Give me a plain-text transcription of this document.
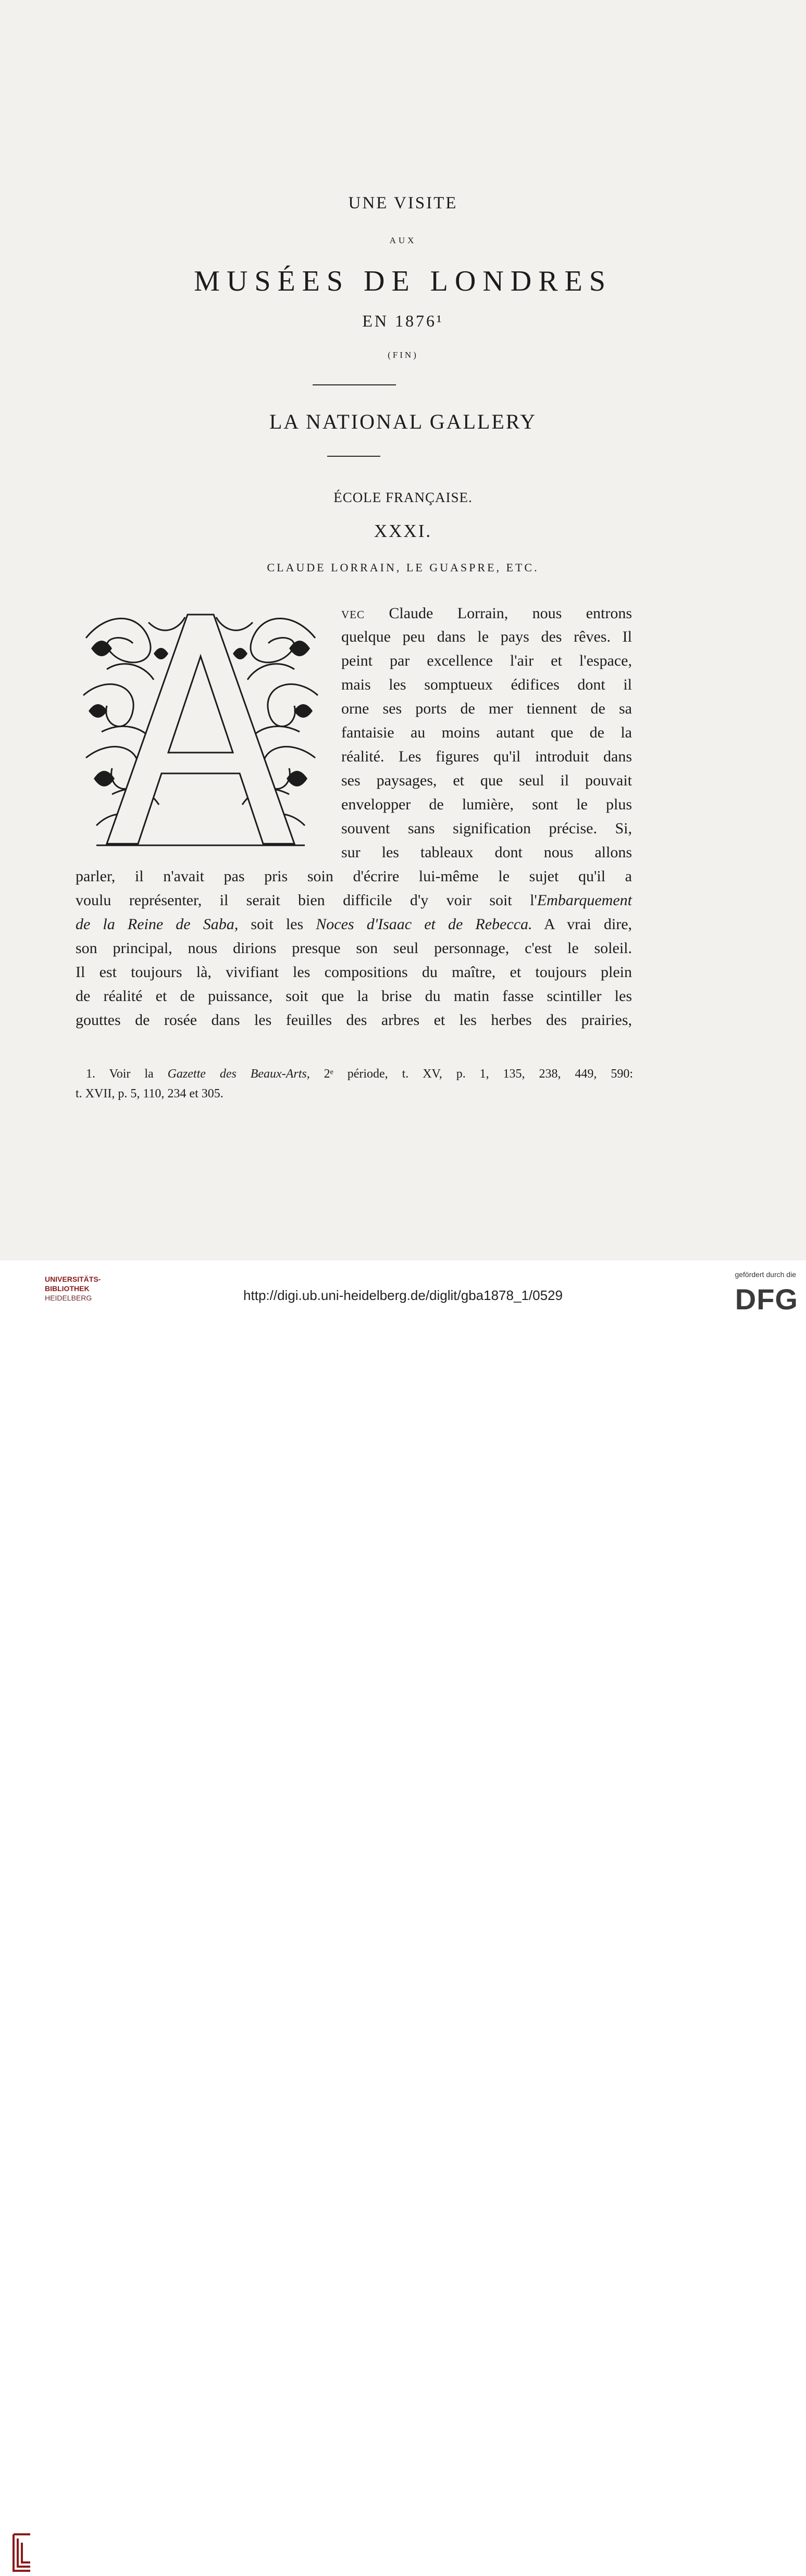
UNE VISITE
AUX
MUSÉES DE LONDRES
EN 1876¹
(FIN)
LA NATIONAL GALLERY
ÉCOLE FRANÇAISE.
XXXI.
CLAUDE LORRAIN, LE GUASPRE, ETC.
VEC Claude Lorrain, nous entrons
quelque peu dans le pays des rêves. Il
peint par excellence l'air et l'espace,
mais les somptueux édifices dont il
orne ses ports de mer tiennent de sa
fantaisie au moins autant que de la
réalité. Les figures qu'il introduit dans
ses paysages, et que seul il pouvait
envelopper de lumière, sont le plus
souvent sans signification précise. Si,
sur les tableaux dont nous allons
parler, il n'avait pas pris soin d'écrire lui-même le sujet qu'il a
voulu représenter, il serait bien difficile d'y voir soit l'Embarquement
de la Reine de Saba, soit les Noces d'Isaac et de Rebecca. A vrai dire,
son principal, nous dirions presque son seul personnage, c'est le soleil.
Il est toujours là, vivifiant les compositions du maître, et toujours plein
de réalité et de puissance, soit que la brise du matin fasse scintiller les
gouttes de rosée dans les feuilles des arbres et les herbes des prairies,
1. Voir la Gazette des Beaux-Arts, 2ᵉ période, t. XV, p. 1, 135, 238, 449, 590:
t. XVII, p. 5, 110, 234 et 305.
UNIVERSITÄTS-
BIBLIOTHEK
HEIDELBERG	http://digi.ub.uni-heidelberg.de/diglit/gba1878_1/0529
gefördert durch die
DFG
